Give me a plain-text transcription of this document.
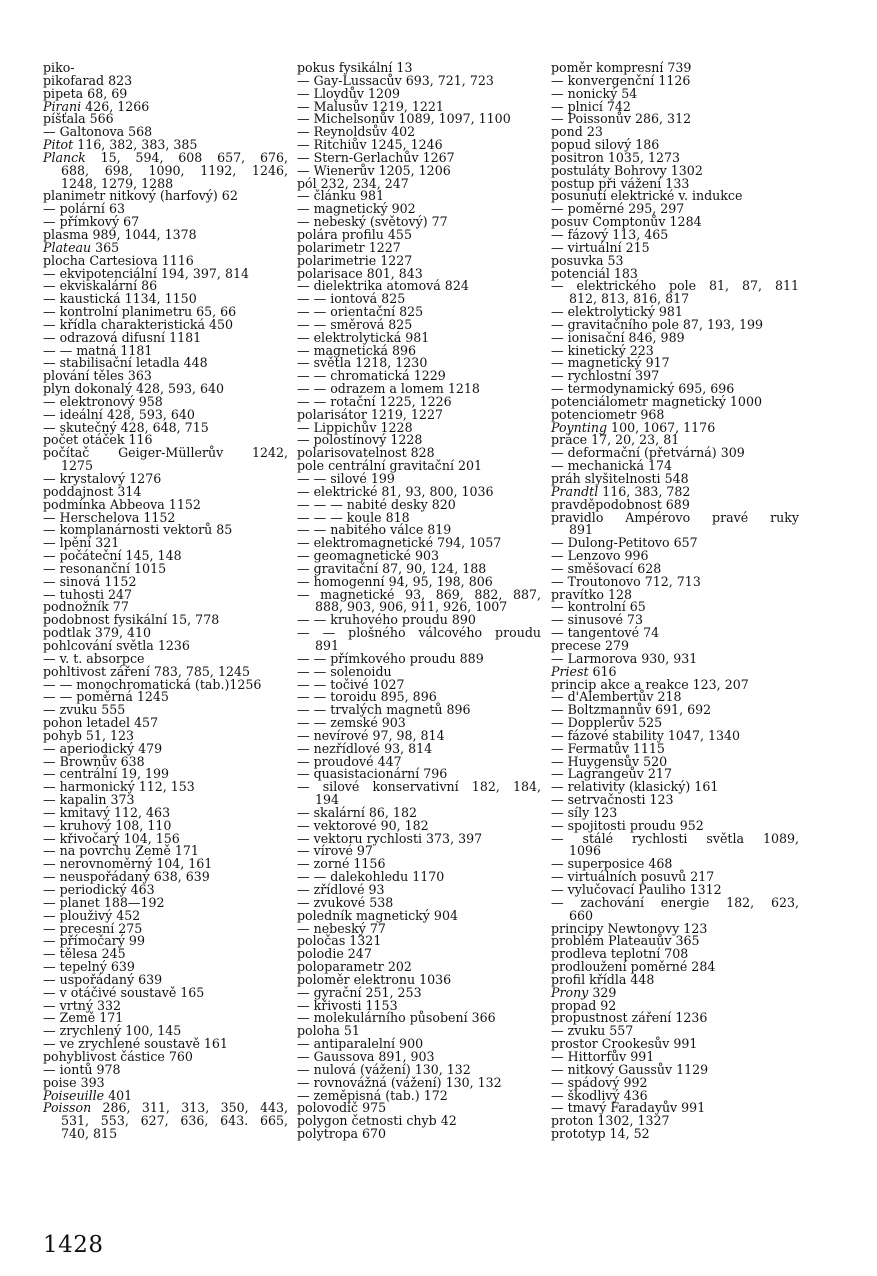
piko-
pikofarad 823
pipeta 68, 69
Pirani 426, 1266
píšťala 566
— Galtonova 568
Pitot 116, 382, 383, 385
Planck 15, 594, 608 657, 676,
688, 698, 1090, 1192, 1246,
1248, 1279, 1288
planimetr nitkový (harfový) 62
— polární 63
— přímkový 67
plasma 989, 1044, 1378
Plateau 365
plocha Cartesiova 1116
— ekvipotenciální 194, 397, 814
— ekviskalární 86
— kaustická 1134, 1150
— kontrolní planimetru 65, 66
— křídla charakteristická 450
— odrazová difusní 1181
— — matná 1181
— stabilisační letadla 448
plování těles 363
plyn dokonalý 428, 593, 640
— elektronový 958
— ideální 428, 593, 640
— skutečný 428, 648, 715
počet otáček 116
počítač Geiger-Müllerův 1242,
1275
— krystalový 1276
poddajnost 314
podmínka Abbeova 1152
— Herschelova 1152
— komplanárnosti vektorů 85
— lpění 321
— počáteční 145, 148
— resonanční 1015
— sinová 1152
— tuhosti 247
podnožník 77
podobnost fysikální 15, 778
podtlak 379, 410
pohlcování světla 1236
— v. t. absorpce
pohltivost záření 783, 785, 1245
— — monochromatická (tab.)1256
— — poměrná 1245
— zvuku 555
pohon letadel 457
pohyb 51, 123
— aperiodický 479
— Brownův 638
— centrální 19, 199
— harmonický 112, 153
— kapalin 373
— kmitavý 112, 463
— kruhový 108, 110
— křivočarý 104, 156
— na povrchu Země 171
— nerovnoměrný 104, 161
— neuspořádaný 638, 639
— periodický 463
— planet 188—192
— plouživý 452
— precesní 275
— přímočarý 99
— tělesa 245
— tepelný 639
— uspořádaný 639
— v otáčivé soustavě 165
— vrtný 332
— Země 171
— zrychlený 100, 145
— ve zrychlené soustavě 161
pohyblivost částice 760
— iontů 978
poise 393
Poiseuille 401
Poisson 286, 311, 313, 350, 443,
531, 553, 627, 636, 643. 665,
740, 815
pokus fysikální 13
— Gay-Lussacův 693, 721, 723
— Lloydův 1209
— Malusův 1219, 1221
— Michelsonův 1089, 1097, 1100
— Reynoldsův 402
— Ritchiův 1245, 1246
— Stern-Gerlachův 1267
— Wienerův 1205, 1206
pól 232, 234, 247
— článku 981
— magnetický 902
— nebeský (světový) 77
polára profilu 455
polarimetr 1227
polarimetrie 1227
polarisace 801, 843
— dielektrika atomová 824
— — iontová 825
— — orientační 825
— — směrová 825
— elektrolytická 981
— magnetická 896
— světla 1218, 1230
— — chromatická 1229
— — odrazem a lomem 1218
— — rotační 1225, 1226
polarisátor 1219, 1227
— Lippichův 1228
— polostínový 1228
polarisovatelnost 828
pole centrální gravitační 201
— — silové 199
— elektrické 81, 93, 800, 1036
— — — nabité desky 820
— — — koule 818
— — nabitého válce 819
— elektromagnetické 794, 1057
— geomagnetické 903
— gravitační 87, 90, 124, 188
— homogenní 94, 95, 198, 806
— magnetické 93, 869, 882, 887,
888, 903, 906, 911, 926, 1007
— — kruhového proudu 890
— — plošného válcového proudu
891
— — přímkového proudu 889
— — solenoidu
— — točivé 1027
— — toroidu 895, 896
— — trvalých magnetů 896
— — zemské 903
— nevírové 97, 98, 814
— nezřídlové 93, 814
— proudové 447
— quasistacionární 796
— silové konservativní 182, 184,
194
— skalární 86, 182
— vektorové 90, 182
— vektoru rychlosti 373, 397
— vírové 97
— zorné 1156
— — dalekohledu 1170
— zřídlové 93
— zvukové 538
poledník magnetický 904
— nebeský 77
poločas 1321
polodie 247
poloparametr 202
poloměr elektronu 1036
— gyrační 251, 253
— křivosti 1153
— molekulárního působení 366
poloha 51
— antiparalelní 900
— Gaussova 891, 903
— nulová (vážení) 130, 132
— rovnovážná (vážení) 130, 132
— zeměpisná (tab.) 172
polovodič 975
polygon četnosti chyb 42
polytropa 670
poměr kompresní 739
— konvergenční 1126
— nonický 54
— plnicí 742
— Poissonův 286, 312
pond 23
popud silový 186
positron 1035, 1273
postuláty Bohrovy 1302
postup při vážení 133
posunutí elektrické v. indukce
— poměrné 295, 297
posuv Comptonův 1284
— fázový 113, 465
— virtuální 215
posuvka 53
potenciál 183
— elektrického pole 81, 87, 811
812, 813, 816, 817
— elektrolytický 981
— gravitačního pole 87, 193, 199
— ionisační 846, 989
— kinetický 223
— magnetický 917
— rychlostní 397
— termodynamický 695, 696
potenciálometr magnetický 1000
potenciometr 968
Poynting 100, 1067, 1176
práce 17, 20, 23, 81
— deformační (přetvárná) 309
— mechanická 174
práh slyšitelnosti 548
Prandtl 116, 383, 782
pravděpodobnost 689
pravidlo Ampérovo pravé ruky
891
— Dulong-Petitovo 657
— Lenzovo 996
— směšovací 628
— Troutonovo 712, 713
pravítko 128
— kontrolní 65
— sinusové 73
— tangentové 74
precese 279
— Larmorova 930, 931
Priest 616
princip akce a reakce 123, 207
— d'Alembertův 218
— Boltzmannův 691, 692
— Dopplerův 525
— fázové stability 1047, 1340
— Fermatův 1115
— Huygensův 520
— Lagrangeův 217
— relativity (klasický) 161
— setrvačnosti 123
— síly 123
— spojitosti proudu 952
— stálé rychlosti světla 1089,
1096
— superposice 468
— virtuálních posuvů 217
— vylučovací Pauliho 1312
— zachování energie 182, 623,
660
principy Newtonovy 123
problém Plateauův 365
prodleva teplotní 708
prodloužení poměrné 284
profil křídla 448
Prony 329
propad 92
propustnost záření 1236
— zvuku 557
prostor Crookesův 991
— Hittorfův 991
— nitkový Gaussův 1129
— spádový 992
— škodlivý 436
— tmavý Faradayův 991
proton 1302, 1327
prototyp 14, 52
1428
